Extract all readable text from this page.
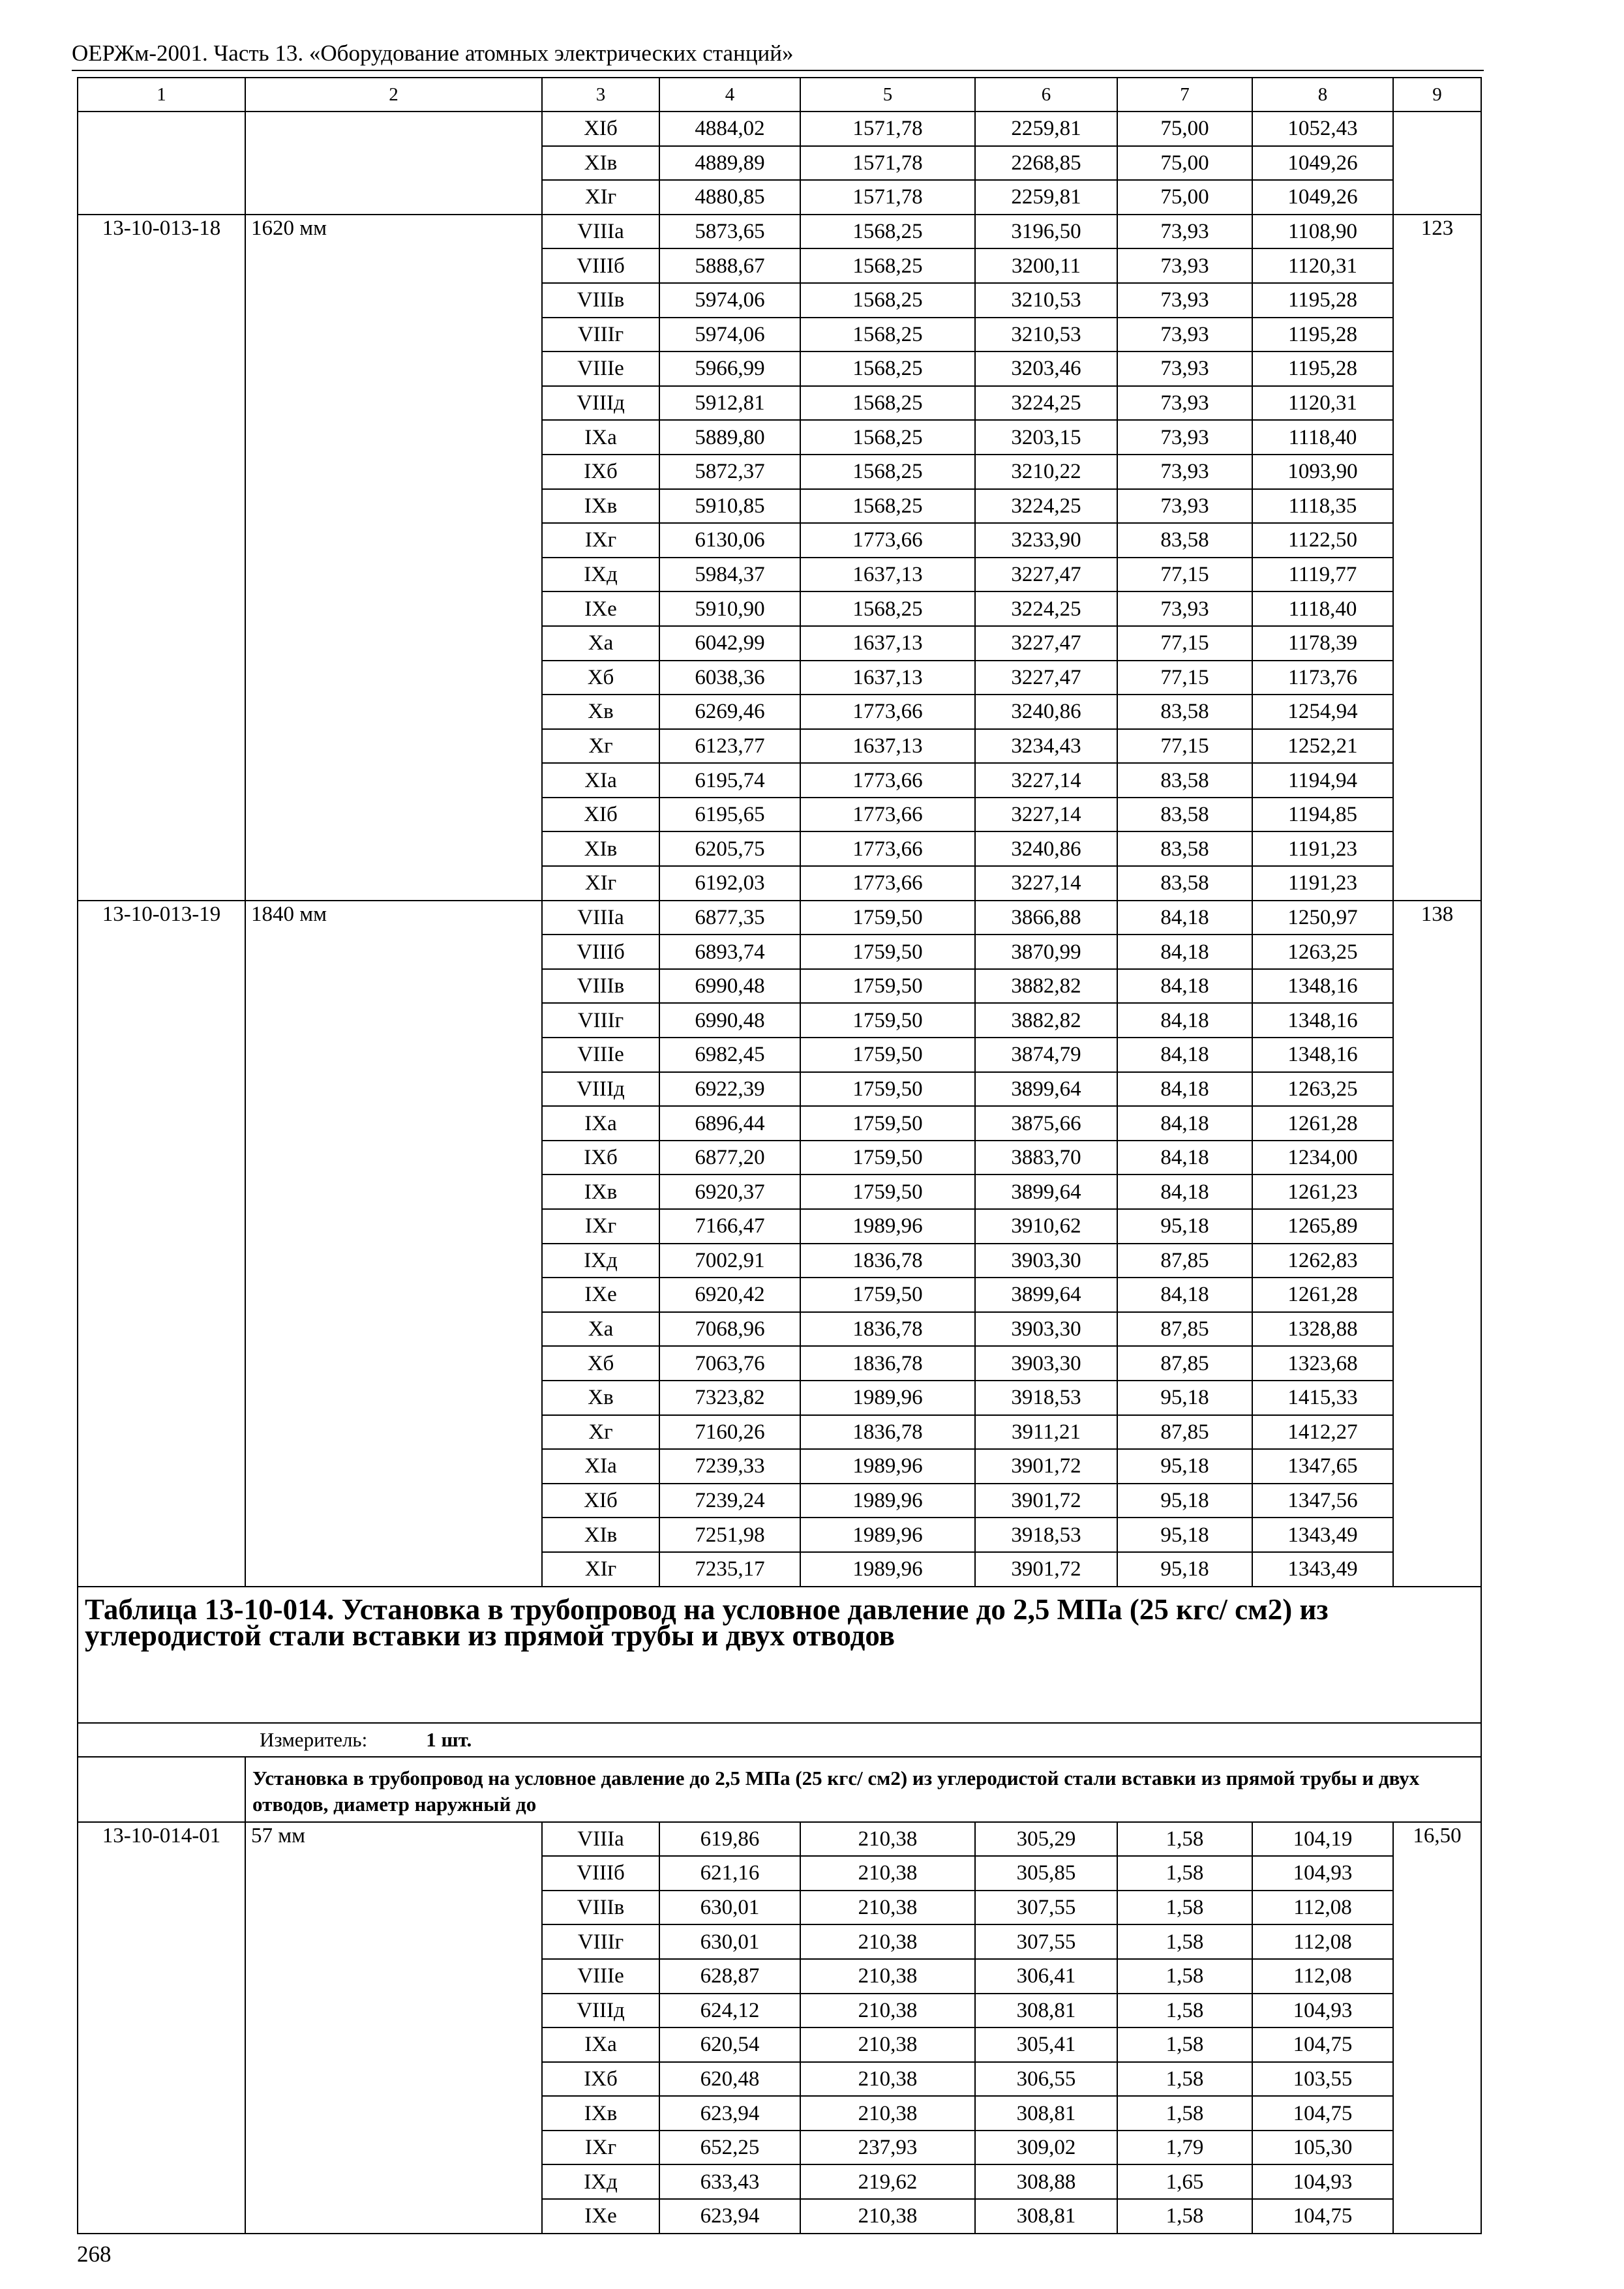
ОЕРЖм-2001. Часть 13. «Оборудование атомных электрических станций»
1	2	3	4	5	6	7	8	9
		XIб	4884,02	1571,78	2259,81	75,00	1052,43	
		XIв	4889,89	1571,78	2268,85	75,00	1049,26	
		XIг	4880,85	1571,78	2259,81	75,00	1049,26	
13-10-013-18	1620 мм	VIIIа	5873,65	1568,25	3196,50	73,93	1108,90	123
		VIIIб	5888,67	1568,25	3200,11	73,93	1120,31	
		VIIIв	5974,06	1568,25	3210,53	73,93	1195,28	
		VIIIг	5974,06	1568,25	3210,53	73,93	1195,28	
		VIIIе	5966,99	1568,25	3203,46	73,93	1195,28	
		VIIIд	5912,81	1568,25	3224,25	73,93	1120,31	
		IXа	5889,80	1568,25	3203,15	73,93	1118,40	
		IXб	5872,37	1568,25	3210,22	73,93	1093,90	
		IXв	5910,85	1568,25	3224,25	73,93	1118,35	
		IXг	6130,06	1773,66	3233,90	83,58	1122,50	
		IXд	5984,37	1637,13	3227,47	77,15	1119,77	
		IXе	5910,90	1568,25	3224,25	73,93	1118,40	
		Xа	6042,99	1637,13	3227,47	77,15	1178,39	
		Xб	6038,36	1637,13	3227,47	77,15	1173,76	
		Xв	6269,46	1773,66	3240,86	83,58	1254,94	
		Xг	6123,77	1637,13	3234,43	77,15	1252,21	
		XIа	6195,74	1773,66	3227,14	83,58	1194,94	
		XIб	6195,65	1773,66	3227,14	83,58	1194,85	
		XIв	6205,75	1773,66	3240,86	83,58	1191,23	
		XIг	6192,03	1773,66	3227,14	83,58	1191,23	
13-10-013-19	1840 мм	VIIIа	6877,35	1759,50	3866,88	84,18	1250,97	138
		VIIIб	6893,74	1759,50	3870,99	84,18	1263,25	
		VIIIв	6990,48	1759,50	3882,82	84,18	1348,16	
		VIIIг	6990,48	1759,50	3882,82	84,18	1348,16	
		VIIIе	6982,45	1759,50	3874,79	84,18	1348,16	
		VIIIд	6922,39	1759,50	3899,64	84,18	1263,25	
		IXа	6896,44	1759,50	3875,66	84,18	1261,28	
		IXб	6877,20	1759,50	3883,70	84,18	1234,00	
		IXв	6920,37	1759,50	3899,64	84,18	1261,23	
		IXг	7166,47	1989,96	3910,62	95,18	1265,89	
		IXд	7002,91	1836,78	3903,30	87,85	1262,83	
		IXе	6920,42	1759,50	3899,64	84,18	1261,28	
		Xа	7068,96	1836,78	3903,30	87,85	1328,88	
		Xб	7063,76	1836,78	3903,30	87,85	1323,68	
		Xв	7323,82	1989,96	3918,53	95,18	1415,33	
		Xг	7160,26	1836,78	3911,21	87,85	1412,27	
		XIа	7239,33	1989,96	3901,72	95,18	1347,65	
		XIб	7239,24	1989,96	3901,72	95,18	1347,56	
		XIв	7251,98	1989,96	3918,53	95,18	1343,49	
		XIг	7235,17	1989,96	3901,72	95,18	1343,49	
Таблица 13-10-014. Установка в трубопровод на условное давление до 2,5 МПа (25 кгс/ см2) из углеродистой стали вставки из прямой трубы и двух отводов								
Измеритель: 1 шт.								
	Установка в трубопровод на условное давление до 2,5 МПа (25 кгс/ см2) из углеродистой стали вставки из прямой трубы и двух отводов, диаметр наружный до							
13-10-014-01	57 мм	VIIIа	619,86	210,38	305,29	1,58	104,19	16,50
		VIIIб	621,16	210,38	305,85	1,58	104,93	
		VIIIв	630,01	210,38	307,55	1,58	112,08	
		VIIIг	630,01	210,38	307,55	1,58	112,08	
		VIIIе	628,87	210,38	306,41	1,58	112,08	
		VIIIд	624,12	210,38	308,81	1,58	104,93	
		IXа	620,54	210,38	305,41	1,58	104,75	
		IXб	620,48	210,38	306,55	1,58	103,55	
		IXв	623,94	210,38	308,81	1,58	104,75	
		IXг	652,25	237,93	309,02	1,79	105,30	
		IXд	633,43	219,62	308,88	1,65	104,93	
		IXе	623,94	210,38	308,81	1,58	104,75	
268
